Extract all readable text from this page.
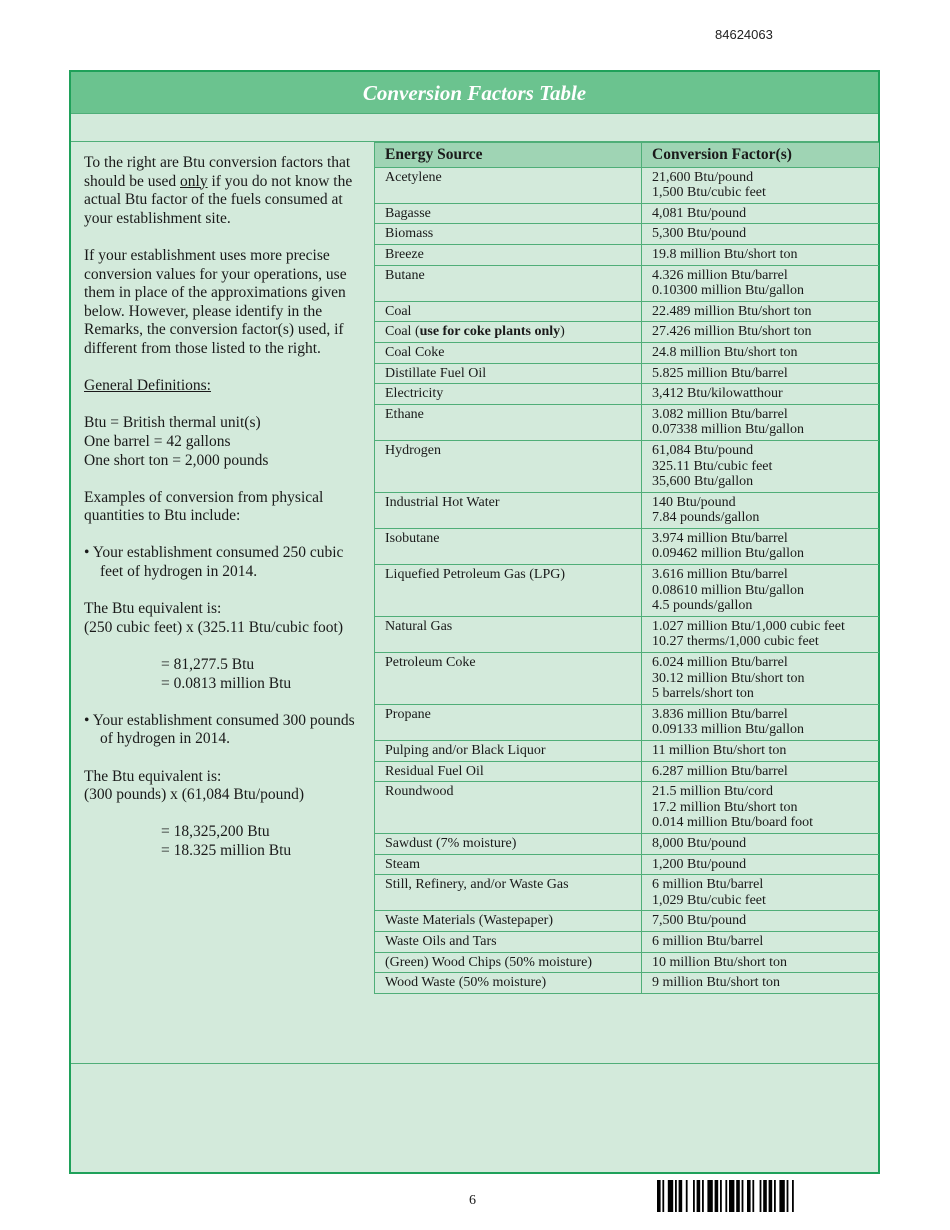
84624063
Conversion Factors Table

To the right are Btu conversion factors that should be used only if you do not know the actual Btu factor of the fuels consumed at your establishment site.

If your establishment uses more precise conversion values for your operations, use them in place of the approximations given below. However, please identify in the Remarks, the conversion factor(s) used, if different from those listed to the right.

General Definitions:

Btu = British thermal unit(s)
One barrel = 42 gallons
One short ton = 2,000 pounds

Examples of conversion from physical quantities to Btu include:

• Your establishment consumed 250 cubic feet of hydrogen in 2014.

The Btu equivalent is:
(250 cubic feet) x (325.11 Btu/cubic foot)

= 81,277.5 Btu
= 0.0813 million Btu

• Your establishment consumed 300 pounds of hydrogen in 2014.

The Btu equivalent is:
(300 pounds) x (61,084 Btu/pound)

= 18,325,200 Btu
= 18.325 million Btu

Energy Source	Conversion Factor(s)
Acetylene	21,600 Btu/pound
1,500 Btu/cubic feet

Bagasse	4,081 Btu/pound

Biomass	5,300 Btu/pound

Breeze	19.8 million Btu/short ton

Butane	4.326 million Btu/barrel
0.10300 million Btu/gallon

Coal	22.489 million Btu/short ton

Coal (use for coke plants only)	27.426 million Btu/short ton

Coal Coke	24.8 million Btu/short ton

Distillate Fuel Oil	5.825 million Btu/barrel

Electricity	3,412 Btu/kilowatthour

Ethane	3.082 million Btu/barrel
0.07338 million Btu/gallon

Hydrogen	61,084 Btu/pound
325.11 Btu/cubic feet
35,600 Btu/gallon

Industrial Hot Water	140 Btu/pound
7.84 pounds/gallon

Isobutane	3.974 million Btu/barrel
0.09462 million Btu/gallon

Liquefied Petroleum Gas (LPG)	3.616 million Btu/barrel
0.08610 million Btu/gallon
4.5 pounds/gallon

Natural Gas	1.027 million Btu/1,000 cubic feet
10.27 therms/1,000 cubic feet

Petroleum Coke	6.024 million Btu/barrel
30.12 million Btu/short ton
5 barrels/short ton

Propane	3.836 million Btu/barrel
0.09133 million Btu/gallon

Pulping and/or Black Liquor	11 million Btu/short ton

Residual Fuel Oil	6.287 million Btu/barrel

Roundwood	21.5 million Btu/cord
17.2 million Btu/short ton
0.014 million Btu/board foot

Sawdust (7% moisture)	8,000 Btu/pound

Steam	1,200 Btu/pound

Still, Refinery, and/or Waste Gas	6 million Btu/barrel
1,029 Btu/cubic feet

Waste Materials (Wastepaper)	7,500 Btu/pound

Waste Oils and Tars	6 million Btu/barrel

(Green) Wood Chips (50% moisture)	10 million Btu/short ton

Wood Waste (50% moisture)	9 million Btu/short ton
6
